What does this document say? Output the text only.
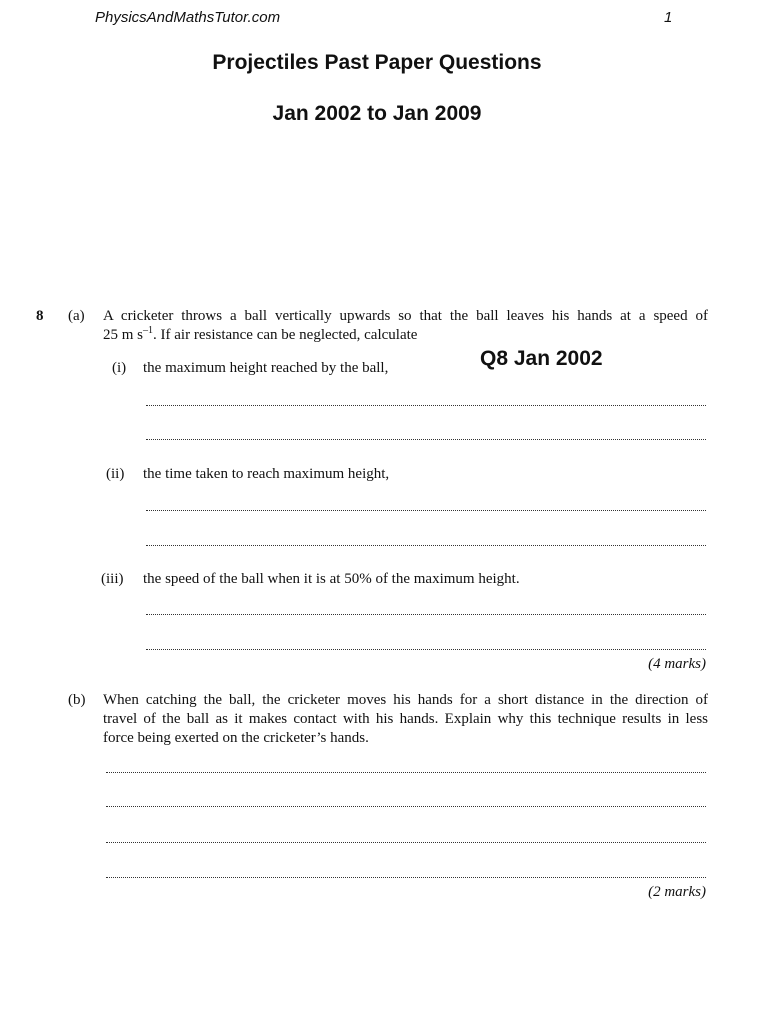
PhysicsAndMathsTutor.com	1
Projectiles Past Paper Questions
Jan 2002 to Jan 2009
8 (a) A cricketer throws a ball vertically upwards so that the ball leaves his hands at a speed of
25 m $s^{-1}$. If air resistance can be neglected, calculate
Q8 Jan 2002
(i) the maximum height reached by the ball,
(ii) the time taken to reach maximum height,
(iii) the speed of the ball when it is at 50% of the maximum height.
(4 marks)
(b) When catching the ball, the cricketer moves his hands for a short distance in the direction of
travel of the ball as it makes contact with his hands. Explain why this technique results in less
force being exerted on the cricketer’s hands.
(2 marks)
